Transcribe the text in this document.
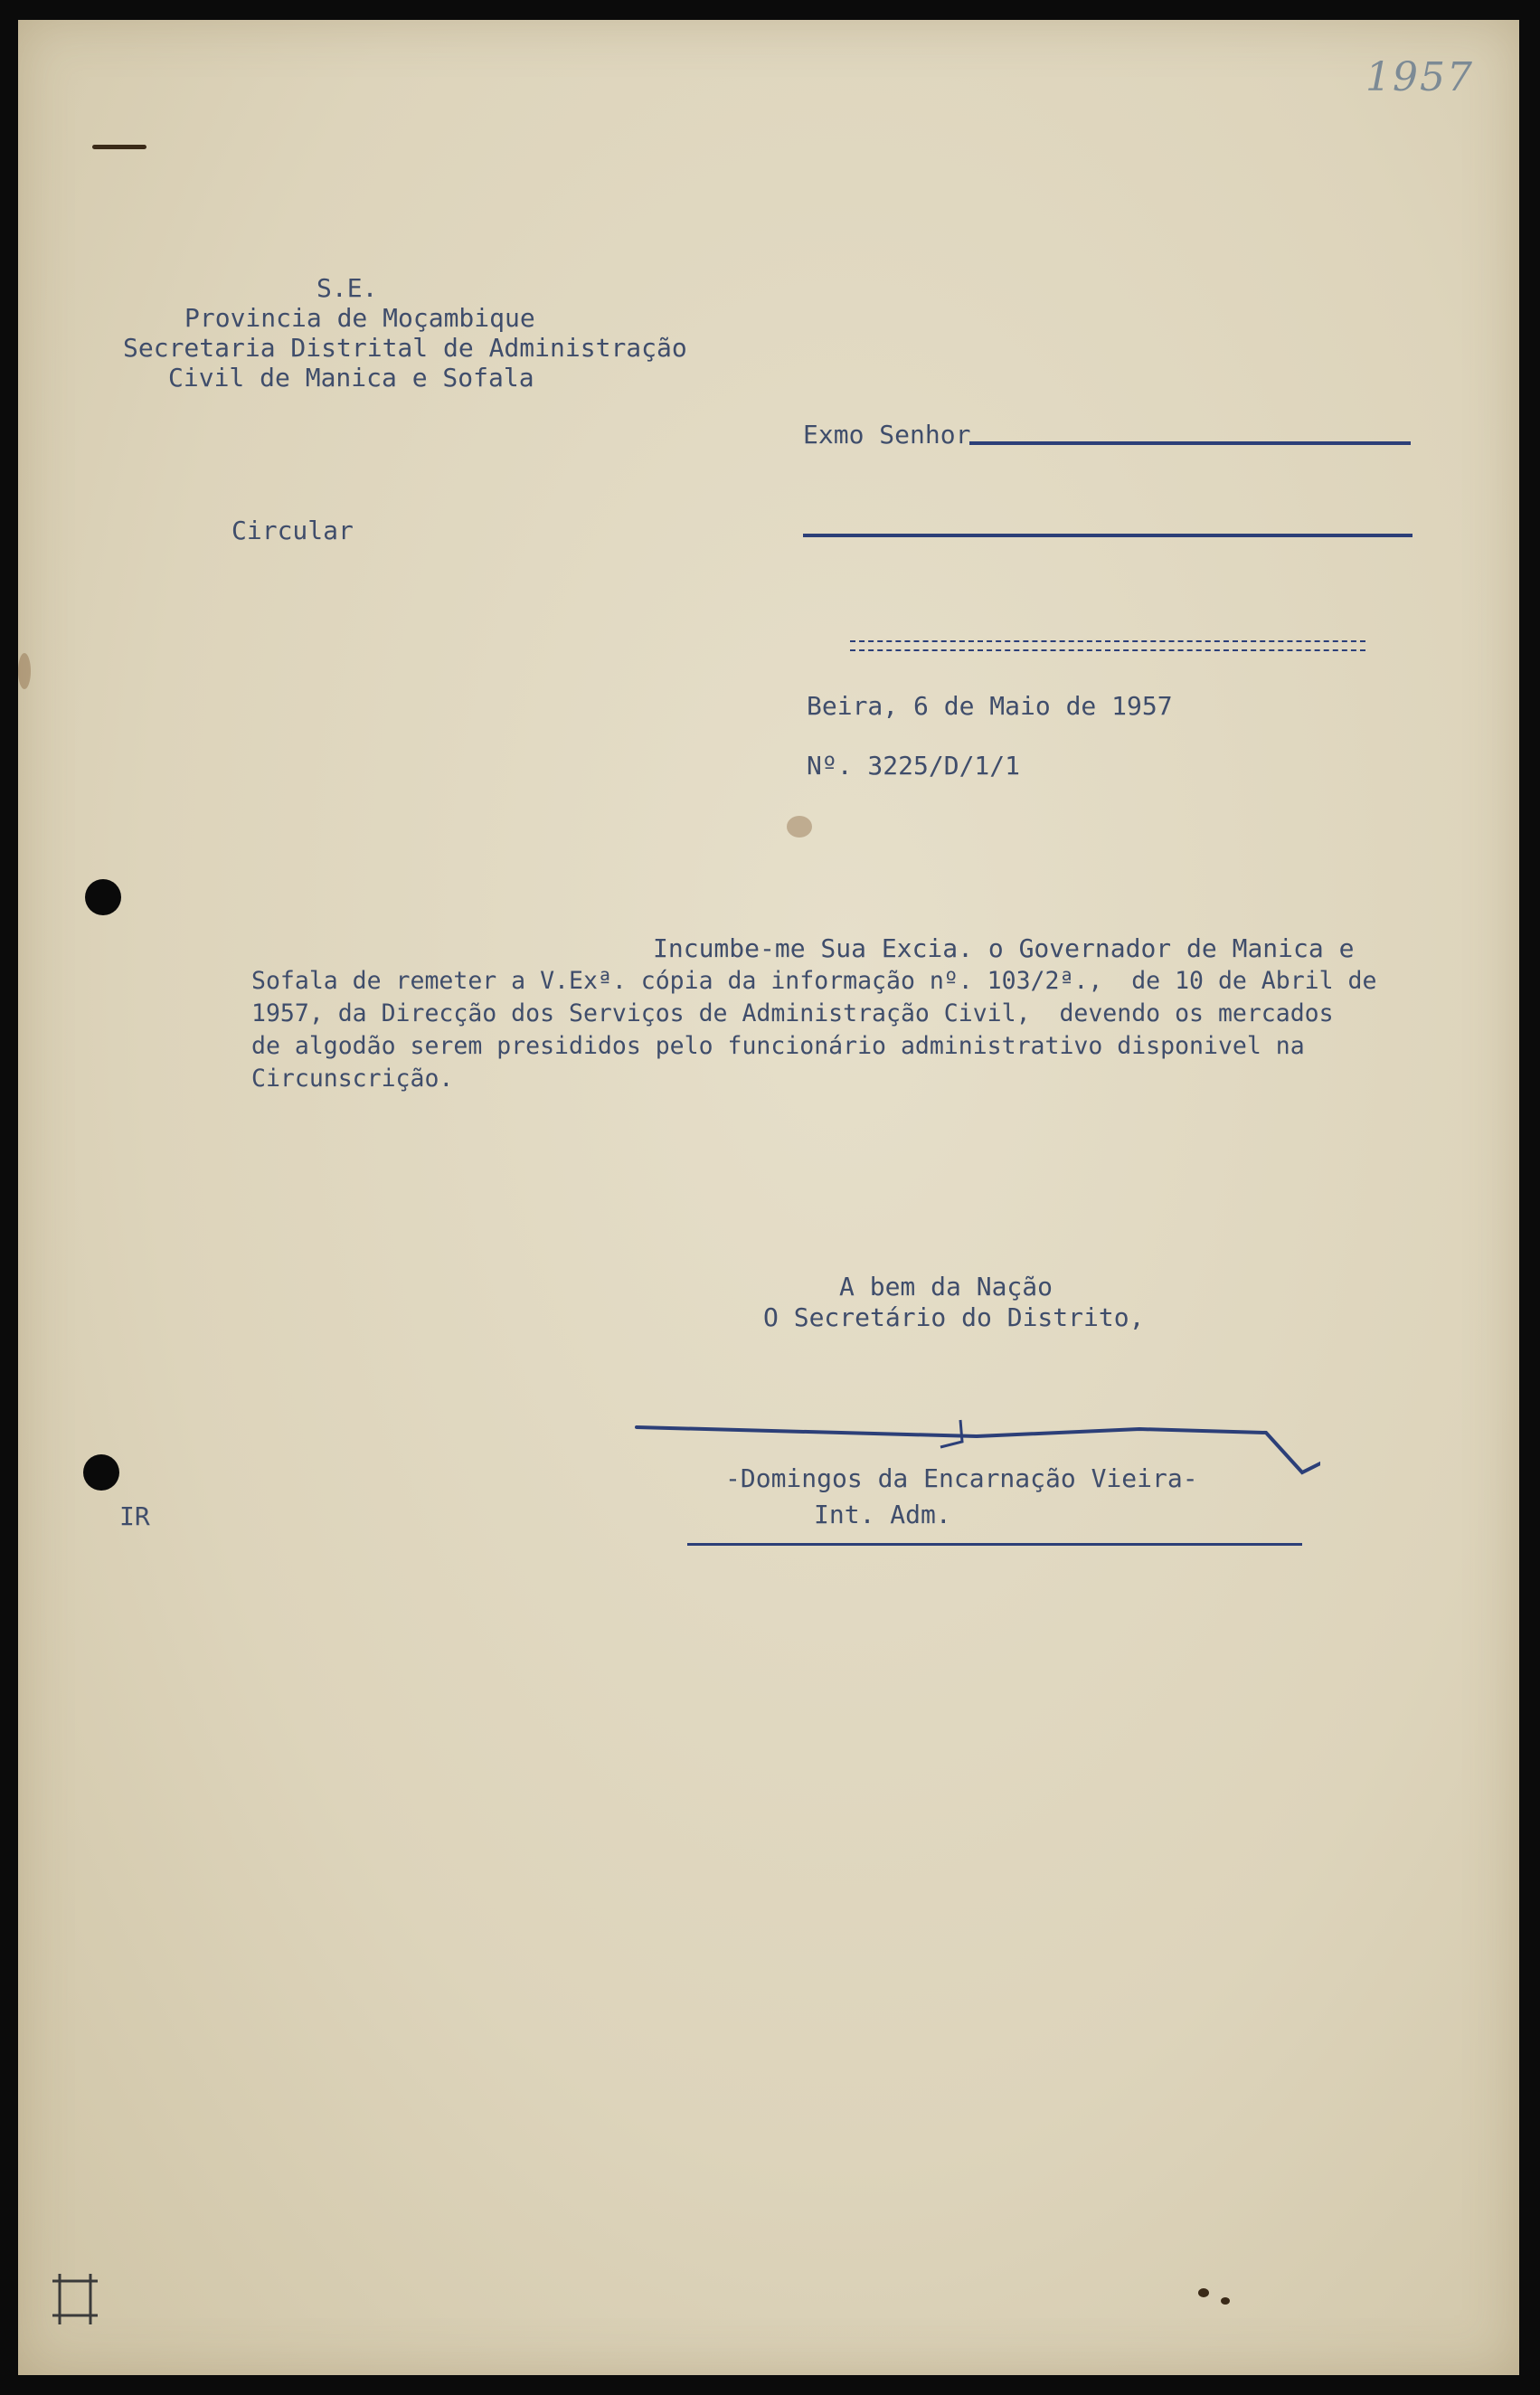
1957
S.E.
Provincia de Moçambique
Secretaria Distrital de Administração
Civil de Manica e Sofala
Exmo Senhor
Circular
Beira, 6 de Maio de 1957
Nº. 3225/D/1/1
Incumbe-me Sua Excia. o Governador de Manica e
Sofala de remeter a V.Exª. cópia da informação nº. 103/2ª.,  de 10 de Abril de
1957, da Direcção dos Serviços de Administração Civil,  devendo os mercados
de algodão serem presididos pelo funcionário administrativo disponivel na
Circunscrição.
A bem da Nação
O Secretário do Distrito,
-Domingos da Encarnação Vieira-
Int. Adm.
IR
